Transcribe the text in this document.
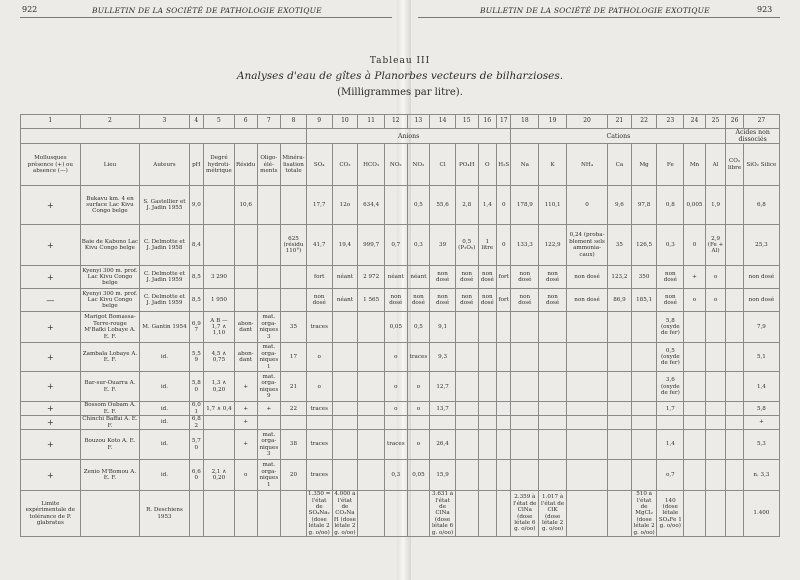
922	BULLETIN DE LA SOCIÉTÉ DE PATHOLOGIE EXOTIQUE	BULLETIN DE LA SOCIÉTÉ DE PATHOLOGIE EXOTIQUE	923
Tableau III
Analyses d'eau de gîtes à Planorbes vecteurs de bilharzioses.
(Milligrammes par litre).
1	2	3	4	5	6	7	8	9	10	11	12	13	14	15	16	17	18	19	20	21	22	23	24	25	26	27
								Anions									Cations								Acides non dissociés	
Mollusques présence (+) ou absence (—)	Lieu	Auteurs	pH	Degré hydroti-métrique	Résidu	Oligo-élé-ments	Minéra-lisation totale	SO₄	CO₃	HCO₃	NO₂	NO₃	Cl	PO₄H	O	H₂S	Na	K	NH₄	Ca	Mg	Fe	Mn	Al	CO₂ libre	SiO₂ Silice
+	Bukavu km. 4 en surface Lac Kivu Congo belge	S. Gastellier et J. Jadin 1955	9,0		10,6			17,7	12o	634,4		0,5	55,6	2,8	1,4	0	178,9	110,1	0	9,6	97,8	0,8	0,005	1,9		6,8
+	Baie de Kabono Lac Kivu Congo belge	C. Delmotte et J. Jadin 1958	8,4				625 (résidu 110°)	41,7	19,4	999,7	0,7	0,3	39	0,5 (P₂O₅)	1 litre	0	133,3	122,9	0,24 (proba-blement sels ammonia-caux)	35	126,5	0,3	0	2,9 (Fe + Al)		25,3
+	Kyenyi 300 m. prof. Lac Kivu Congo belge	C. Delmotte et J. Jadin 1959	8,5	3 290				fort	néant	2 972	néant	néant	non dosé	non dosé	non dosé	fort	non dosé	non dosé	non dosé	123,2	350	non dosé	+	o		non dosé
—	Kyenyi 300 m. prof. Lac Kivu Congo belge	C. Delmotte et J. Jadin 1959	8,5	1 950				non dosé	néant	1 565	non dosé	non dosé	non dosé	non dosé	non dosé	fort	non dosé	non dosé	non dosé	86,9	185,1	non dosé	o	o		non dosé
+	Marigot Bomassa-Terre-rouge M'Baïki Lobaye A. E. F.	M. Gantin 1954	6,97	A B — 1,7 ∧ 1,10	abon-dant	mat. orga-niques 3	35	traces			0,05	0,5	9,1									5,8 (oxyde de fer)				7,9
+	Zambala Lobaye A. E. F.	id.	5,59	4,5 ∧ 0,75	abon-dant	mat. orga-niques 1	17	o			o	traces	9,3									0,5 (oxyde de fer)				5,1
+	Bar-sur-Ouarra A. E. F.	id.	5,80	1,3 ∧ 0,20	+	mat. orga-niques 9	21	o			o	o	12,7									3,6 (oxyde de fer)				1,4
+	Bossom Oubam A. E. F.	id.	6,01	1,7 ∧ 0,4	+	+	22	traces			o	o	13,7									1,7				5,8
+	Chinchi Baffai A. E. F.	id.	6,82		+																					+
+	Bouzou Koto A. E. F.	id.	5,70		+	mat. orga-niques 3	38	traces			traces	o	26,4									1,4				5,3
+	Zenio M'Bomou A. E. F.	id.	6,60	2,1 ∧ 0,20	o	mat. orga-niques 1	20	traces			0,3	0,05	15,9									o,7				n. 3,3
Limite expérimentale de tolérance de P. glabratus		R. Deschiens 1953						1.350 = l'état de SO₄Na₂ (dose létale 2 g. o/oo)	4.000 à l'état de CO₃NaH (dose létale 2 g. o/oo)				3.631 à l'état de ClNa (dose létale 6 g. o/oo)				2.359 à l'état de ClNa (dose létale 6 g. o/oo)	1.017 à l'état de ClK (dose létale 2 g. o/oo)			510 à l'état de MgCl₂ (dose létale 2 g. o/oo)	140 (dose létale SO₄Fe 1 g. o/oo)				1.400
